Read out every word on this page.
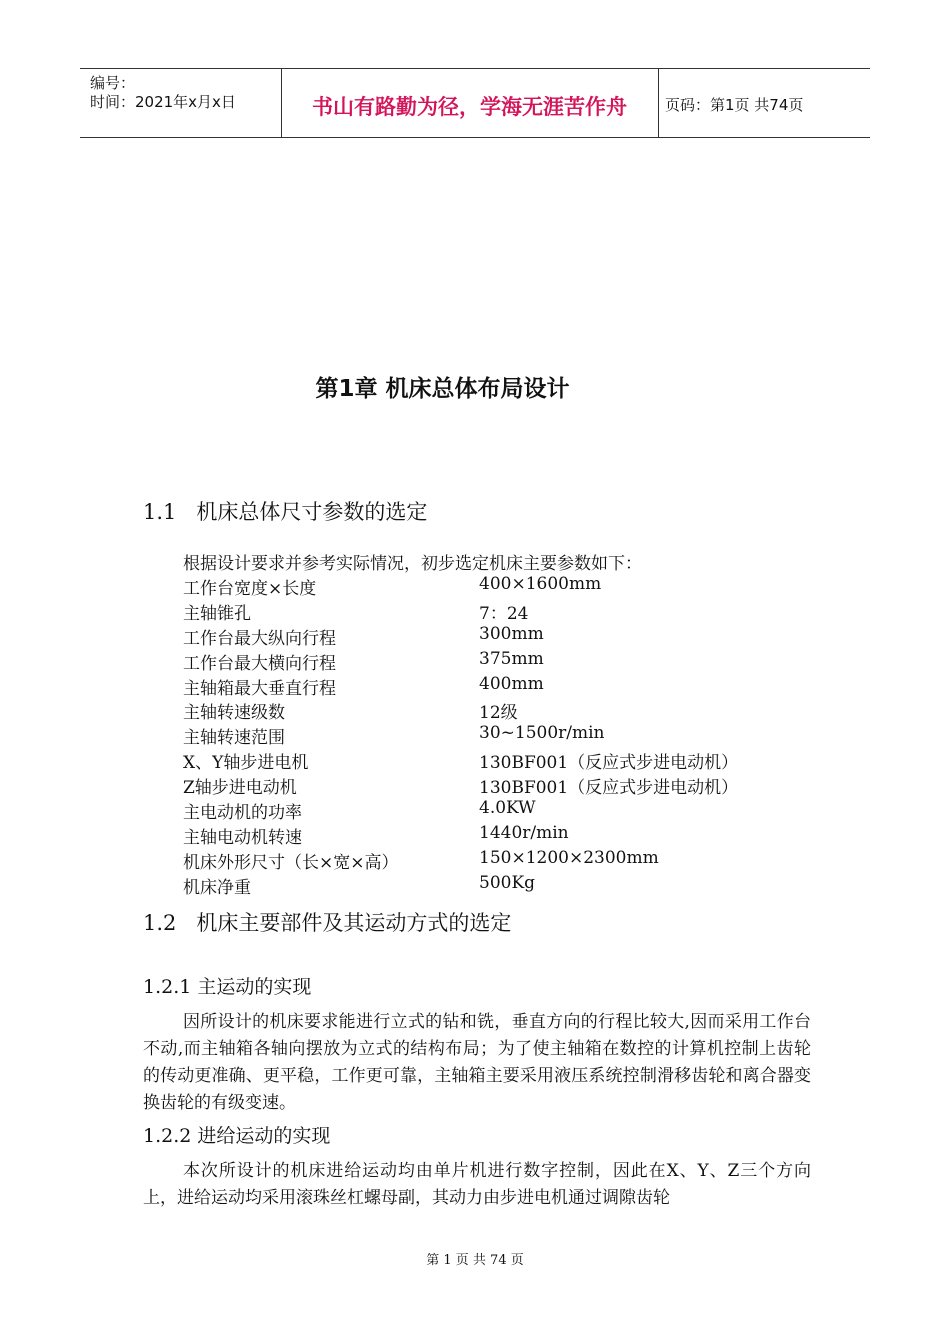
编号：
时间：2021年x月x日	书山有路勤为径，学海无涯苦作舟	页码：第1页 共74页
第1章 机床总体布局设计
1.1   机床总体尺寸参数的选定
根据设计要求并参考实际情况，初步选定机床主要参数如下：
工作台宽度×长度	400×1600mm
主轴锥孔	7：24
工作台最大纵向行程	300mm
工作台最大横向行程	375mm
主轴箱最大垂直行程	400mm
主轴转速级数	12级
主轴转速范围	30~1500r/min
X、Y轴步进电机	130BF001（反应式步进电动机）
Z轴步进电动机	130BF001（反应式步进电动机）
主电动机的功率	4.0KW
主轴电动机转速	1440r/min
机床外形尺寸（长×宽×高）	150×1200×2300mm
机床净重	500Kg
1.2   机床主要部件及其运动方式的选定
1.2.1 主运动的实现
因所设计的机床要求能进行立式的钻和铣，垂直方向的行程比较大,因而采用工作台不动,而主轴箱各轴向摆放为立式的结构布局；为了使主轴箱在数控的计算机控制上齿轮的传动更准确、更平稳，工作更可靠，主轴箱主要采用液压系统控制滑移齿轮和离合器变换齿轮的有级变速。
1.2.2 进给运动的实现
本次所设计的机床进给运动均由单片机进行数字控制，因此在X、Y、Z三个方向上，进给运动均采用滚珠丝杠螺母副，其动力由步进电机通过调隙齿轮
第 1 页 共 74 页
